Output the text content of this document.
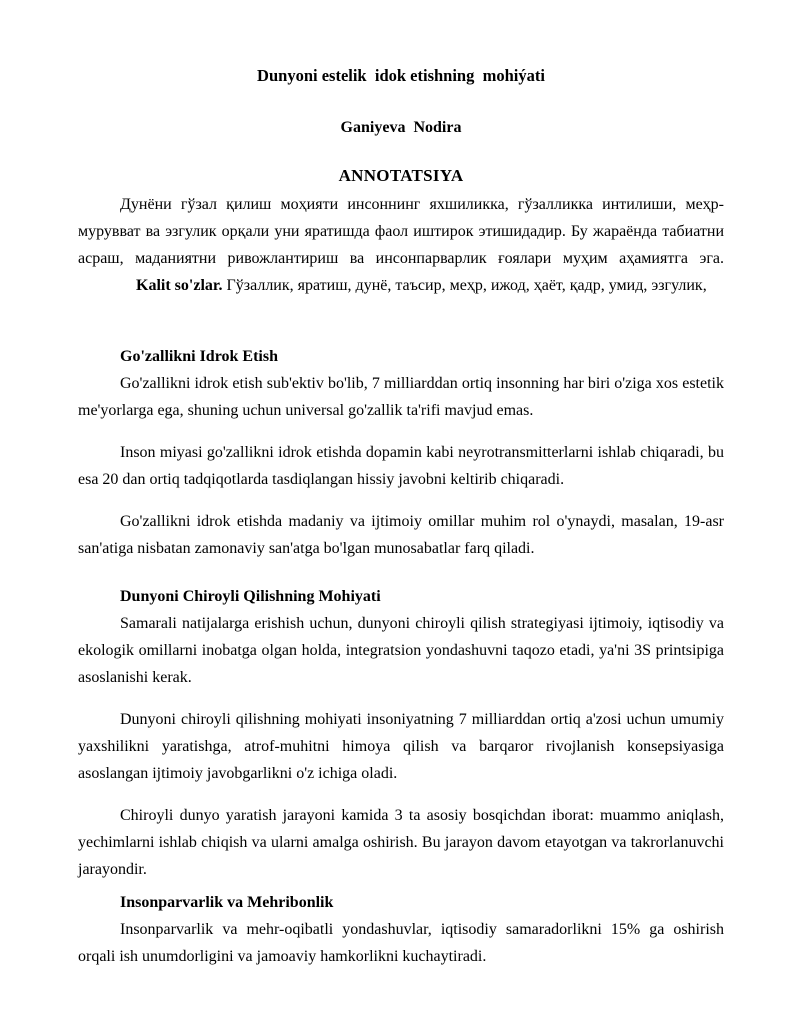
Dunyoni estelik  idok etishning  mohiýati

Ganiyeva  Nodira

ANNOTATSIYA

Дунёни гўзал қилиш моҳияти инсоннинг яхшиликка, гўзалликка интилиши, меҳр-мурувват ва эзгулик орқали уни яратишда фаол иштирок этишидадир. Бу жараёнда табиатни асраш, маданиятни ривожлантириш ва инсонпарварлик ғоялари муҳим аҳамиятга эга.

Kalit so'zlar. Гўзаллик, яратиш, дунё, таъсир, меҳр, ижод, ҳаёт, қадр, умид, эзгулик,

Go'zallikni Idrok Etish

Go'zallikni idrok etish sub'ektiv bo'lib, 7 milliarddan ortiq insonning har biri o'ziga xos estetik me'yorlarga ega, shuning uchun universal go'zallik ta'rifi mavjud emas.

Inson miyasi go'zallikni idrok etishda dopamin kabi neyrotransmitterlarni ishlab chiqaradi, bu esa 20 dan ortiq tadqiqotlarda tasdiqlangan hissiy javobni keltirib chiqaradi.

Go'zallikni idrok etishda madaniy va ijtimoiy omillar muhim rol o'ynaydi, masalan, 19-asr san'atiga nisbatan zamonaviy san'atga bo'lgan munosabatlar farq qiladi.

Dunyoni Chiroyli Qilishning Mohiyati

Samarali natijalarga erishish uchun, dunyoni chiroyli qilish strategiyasi ijtimoiy, iqtisodiy va ekologik omillarni inobatga olgan holda, integratsion yondashuvni taqozo etadi, ya'ni 3S printsipiga asoslanishi kerak.

Dunyoni chiroyli qilishning mohiyati insoniyatning 7 milliarddan ortiq a'zosi uchun umumiy yaxshilikni yaratishga, atrof-muhitni himoya qilish va barqaror rivojlanish konsepsiyasiga asoslangan ijtimoiy javobgarlikni o'z ichiga oladi.

Chiroyli dunyo yaratish jarayoni kamida 3 ta asosiy bosqichdan iborat: muammo aniqlash, yechimlarni ishlab chiqish va ularni amalga oshirish. Bu jarayon davom etayotgan va takrorlanuvchi jarayondir.

Insonparvarlik va Mehribonlik

Insonparvarlik va mehr-oqibatli yondashuvlar, iqtisodiy samaradorlikni 15% ga oshirish orqali ish unumdorligini va jamoaviy hamkorlikni kuchaytiradi.
